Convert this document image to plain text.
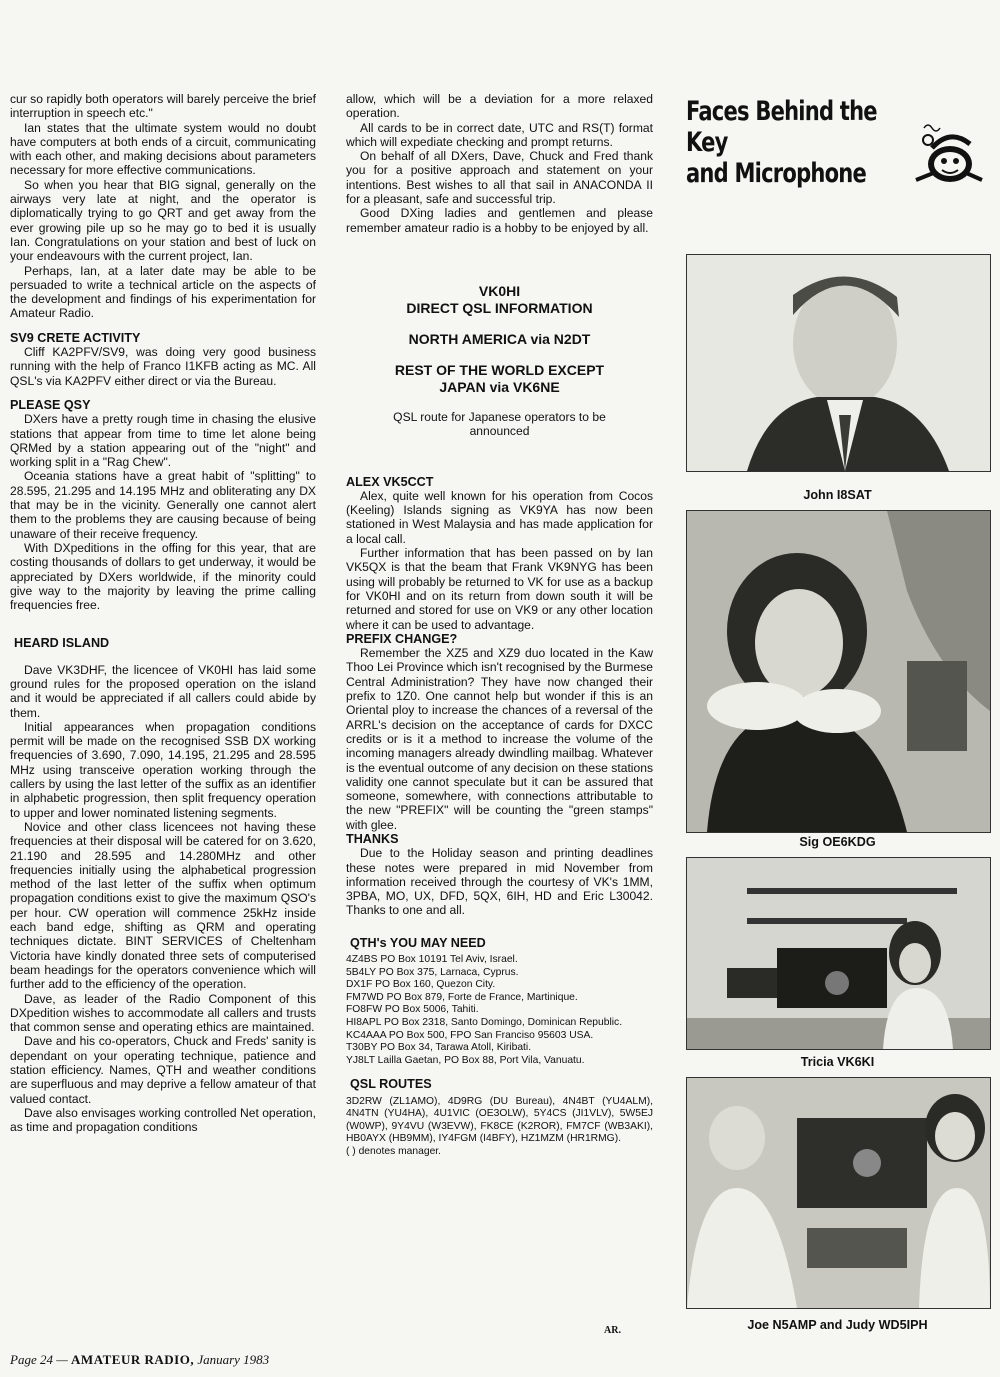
cur so rapidly both operators will barely perceive the brief interruption in speech etc."

Ian states that the ultimate system would no doubt have computers at both ends of a circuit, communicating with each other, and making decisions about parameters necessary for more effective communications.

So when you hear that BIG signal, generally on the airways very late at night, and the operator is diplomatically trying to go QRT and get away from the ever growing pile up so he may go to bed it is usually Ian. Congratulations on your station and best of luck on your endeavours with the current project, Ian.

Perhaps, Ian, at a later date may be able to be persuaded to write a technical article on the aspects of the development and findings of his experimentation for Amateur Radio.

SV9 CRETE ACTIVITY

Cliff KA2PFV/SV9, was doing very good business running with the help of Franco I1KFB acting as MC. All QSL's via KA2PFV either direct or via the Bureau.

PLEASE QSY

DXers have a pretty rough time in chasing the elusive stations that appear from time to time let alone being QRMed by a station appearing out of the "night" and working split in a "Rag Chew".

Oceania stations have a great habit of "splitting" to 28.595, 21.295 and 14.195 MHz and obliterating any DX that may be in the vicinity. Generally one cannot alert them to the problems they are causing because of being unaware of their receive frequency.

With DXpeditions in the offing for this year, that are costing thousands of dollars to get underway, it would be appreciated by DXers worldwide, if the minority could give way to the majority by leaving the prime calling frequencies free.

HEARD ISLAND

Dave VK3DHF, the licencee of VK0HI has laid some ground rules for the proposed operation on the island and it would be appreciated if all callers could abide by them.

Initial appearances when propagation conditions permit will be made on the recognised SSB DX working frequencies of 3.690, 7.090, 14.195, 21.295 and 28.595 MHz using transceive operation working through the callers by using the last letter of the suffix as an identifier in alphabetic progression, then split frequency operation to upper and lower nominated listening segments.

Novice and other class licencees not having these frequencies at their disposal will be catered for on 3.620, 21.190 and 28.595 and 14.280MHz and other frequencies initially using the alphabetical progression method of the last letter of the suffix when optimum propagation conditions exist to give the maximum QSO's per hour. CW operation will commence 25kHz inside each band edge, shifting as QRM and operating techniques dictate. BINT SERVICES of Cheltenham Victoria have kindly donated three sets of computerised beam headings for the operators convenience which will further add to the efficiency of the operation.

Dave, as leader of the Radio Component of this DXpedition wishes to accommodate all callers and trusts that common sense and operating ethics are maintained.

Dave and his co-operators, Chuck and Freds' sanity is dependant on your operating technique, patience and station efficiency. Names, QTH and weather conditions are superfluous and may deprive a fellow amateur of that valued contact.

Dave also envisages working controlled Net operation, as time and propagation conditions

allow, which will be a deviation for a more relaxed operation.

All cards to be in correct date, UTC and RS(T) format which will expediate checking and prompt returns.

On behalf of all DXers, Dave, Chuck and Fred thank you for a positive approach and statement on your intentions. Best wishes to all that sail in ANACONDA II for a pleasant, safe and successful trip.

Good DXing ladies and gentlemen and please remember amateur radio is a hobby to be enjoyed by all.

VK0HI
DIRECT QSL INFORMATION
NORTH AMERICA via N2DT
REST OF THE WORLD EXCEPT
JAPAN via VK6NE
QSL route for Japanese operators to be announced
ALEX VK5CCT

Alex, quite well known for his operation from Cocos (Keeling) Islands signing as VK9YA has now been stationed in West Malaysia and has made application for a local call.

Further information that has been passed on by Ian VK5QX is that the beam that Frank VK9NYG has been using will probably be returned to VK for use as a backup for VK0HI and on its return from down south it will be returned and stored for use on VK9 or any other location where it can be used to advantage.

PREFIX CHANGE?

Remember the XZ5 and XZ9 duo located in the Kaw Thoo Lei Province which isn't recognised by the Burmese Central Administration? They have now changed their prefix to 1Z0. One cannot help but wonder if this is an Oriental ploy to increase the chances of a reversal of the ARRL's decision on the acceptance of cards for DXCC credits or is it a method to increase the volume of the incoming managers already dwindling mailbag. Whatever is the eventual outcome of any decision on these stations validity one cannot speculate but it can be assured that someone, somewhere, with connections attributable to the new "PREFIX" will be counting the "green stamps" with glee.

THANKS

Due to the Holiday season and printing deadlines these notes were prepared in mid November from information received through the courtesy of VK's 1MM, 3PBA, MO, UX, DFD, 5QX, 6IH, HD and Eric L30042. Thanks to one and all.

QTH's YOU MAY NEED
4Z4BS PO Box 10191 Tel Aviv, Israel.
5B4LY PO Box 375, Larnaca, Cyprus.
DX1F PO Box 160, Quezon City.
FM7WD PO Box 879, Forte de France, Martinique.
FO8FW PO Box 5006, Tahiti.
HI8APL PO Box 2318, Santo Domingo, Dominican Republic.
KC4AAA PO Box 500, FPO San Franciso 95603 USA.
T30BY PO Box 34, Tarawa Atoll, Kiribati.
YJ8LT Lailla Gaetan, PO Box 88, Port Vila, Vanuatu.
QSL ROUTES
3D2RW (ZL1AMO), 4D9RG (DU Bureau), 4N4BT (YU4ALM), 4N4TN (YU4HA), 4U1VIC (OE3OLW), 5Y4CS (JI1VLV), 5W5EJ (W0WP), 9Y4VU (W3EVW), FK8CE (K2ROR), FM7CF (WB3AKI), HB0AYX (HB9MM), IY4FGM (I4BFY), HZ1MZM (HR1RMG).
( ) denotes manager.
AR.
Faces Behind the Key
and Microphone
John I8SAT
Sig OE6KDG
Tricia VK6KI
Joe N5AMP and Judy WD5IPH
Page 24 — AMATEUR RADIO, January 1983
